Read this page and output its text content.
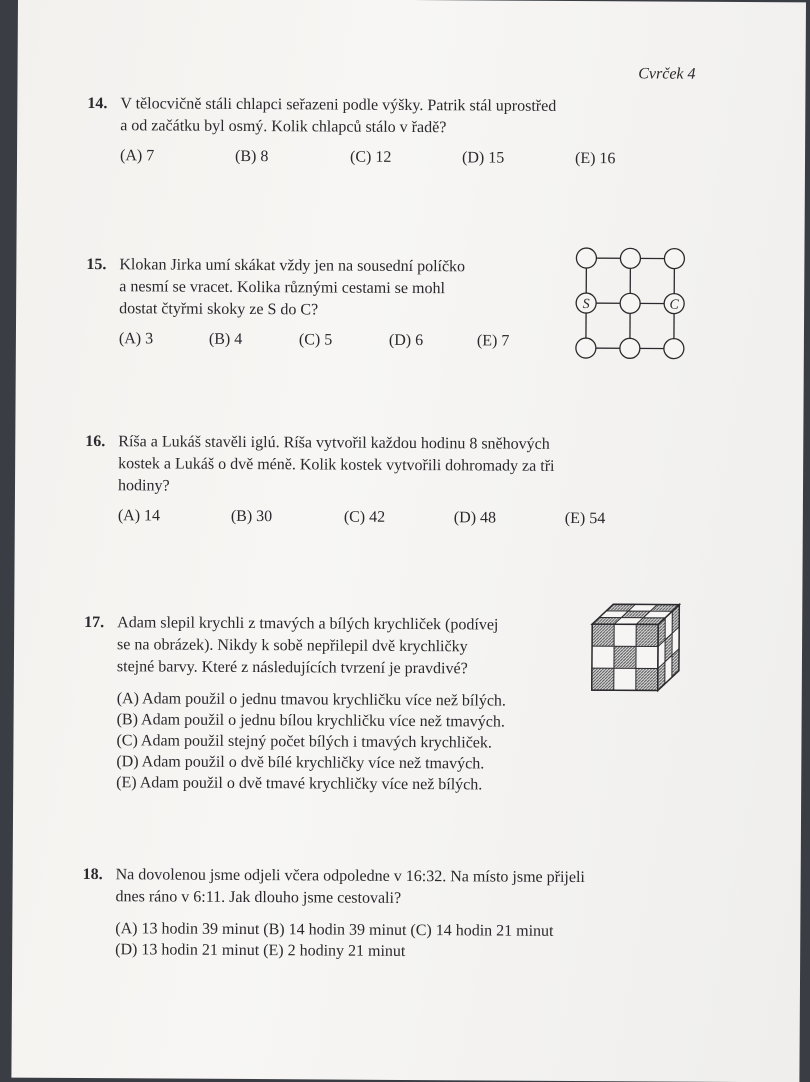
Cvrček 4
14. V tělocvičně stáli chlapci seřazeni podle výšky. Patrik stál uprostřed
a od začátku byl osmý. Kolik chlapců stálo v řadě?
(A) 7	(B) 8	(C) 12	(D) 15	(E) 16
15. Klokan Jirka umí skákat vždy jen na sousední políčko
a nesmí se vracet. Kolika různými cestami se mohl
dostat čtyřmi skoky ze S do C?
(A) 3	(B) 4	(C) 5	(D) 6	(E) 7
S	C
16. Ríša a Lukáš stavěli iglú. Ríša vytvořil každou hodinu 8 sněhových
kostek a Lukáš o dvě méně. Kolik kostek vytvořili dohromady za tři
hodiny?
(A) 14	(B) 30	(C) 42	(D) 48	(E) 54
17. Adam slepil krychli z tmavých a bílých krychliček (podívej
se na obrázek). Nikdy k sobě nepřilepil dvě krychličky
stejné barvy. Které z následujících tvrzení je pravdivé?
(A) Adam použil o jednu tmavou krychličku více než bílých.
(B) Adam použil o jednu bílou krychličku více než tmavých.
(C) Adam použil stejný počet bílých i tmavých krychliček.
(D) Adam použil o dvě bílé krychličky více než tmavých.
(E) Adam použil o dvě tmavé krychličky více než bílých.
18. Na dovolenou jsme odjeli včera odpoledne v 16:32. Na místo jsme přijeli
dnes ráno v 6:11. Jak dlouho jsme cestovali?
(A) 13 hodin 39 minut (B) 14 hodin 39 minut (C) 14 hodin 21 minut
(D) 13 hodin 21 minut (E) 2 hodiny 21 minut
